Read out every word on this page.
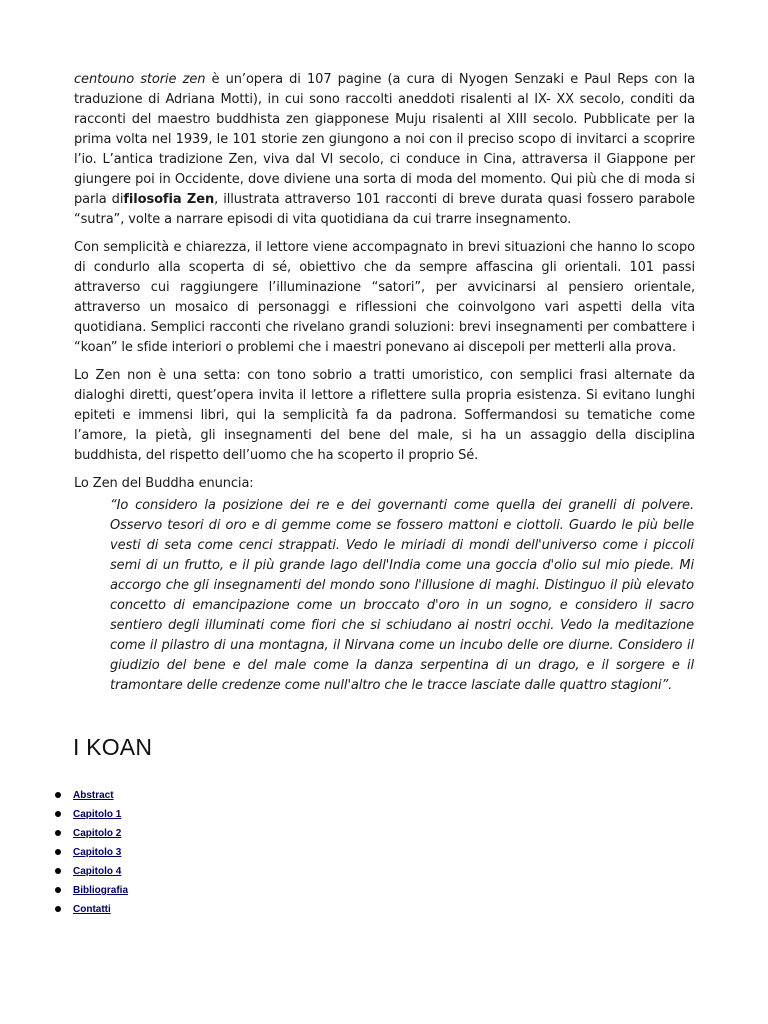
centouno storie zen è un’opera di 107 pagine (a cura di Nyogen Senzaki e Paul Reps con la traduzione di Adriana Motti), in cui sono raccolti aneddoti risalenti al IX- XX secolo, conditi da racconti del maestro buddhista zen giapponese Muju risalenti al XIII secolo. Pubblicate per la prima volta nel 1939, le 101 storie zen giungono a noi con il preciso scopo di invitarci a scoprire l’io. L’antica tradizione Zen, viva dal VI secolo, ci conduce in Cina, attraversa il Giappone per giungere poi in Occidente, dove diviene una sorta di moda del momento. Qui più che di moda si parla difilosofia Zen, illustrata attraverso 101 racconti di breve durata quasi fossero parabole “sutra”, volte a narrare episodi di vita quotidiana da cui trarre insegnamento.

Con semplicità e chiarezza, il lettore viene accompagnato in brevi situazioni che hanno lo scopo di condurlo alla scoperta di sé, obiettivo che da sempre affascina gli orientali. 101 passi attraverso cui raggiungere l’illuminazione “satori”, per avvicinarsi al pensiero orientale, attraverso un mosaico di personaggi e riflessioni che coinvolgono vari aspetti della vita quotidiana. Semplici racconti che rivelano grandi soluzioni: brevi insegnamenti per combattere i “koan” le sfide interiori o problemi che i maestri ponevano ai discepoli per metterli alla prova.

Lo Zen non è una setta: con tono sobrio a tratti umoristico, con semplici frasi alternate da dialoghi diretti, quest’opera invita il lettore a riflettere sulla propria esistenza. Si evitano lunghi epiteti e immensi libri, qui la semplicità fa da padrona. Soffermandosi su tematiche come l’amore, la pietà, gli insegnamenti del bene del male, si ha un assaggio della disciplina buddhista, del rispetto dell’uomo che ha scoperto il proprio Sé.

Lo Zen del Buddha enuncia:

“Io considero la posizione dei re e dei governanti come quella dei granelli di polvere. Osservo tesori di oro e di gemme come se fossero mattoni e ciottoli. Guardo le più belle vesti di seta come cenci strappati. Vedo le miriadi di mondi dell'universo come i piccoli semi di un frutto, e il più grande lago dell'India come una goccia d'olio sul mio piede. Mi accorgo che gli insegnamenti del mondo sono l'illusione di maghi. Distinguo il più elevato concetto di emancipazione come un broccato d'oro in un sogno, e considero il sacro sentiero degli illuminati come fiori che si schiudano ai nostri occhi. Vedo la meditazione come il pilastro di una montagna, il Nirvana come un incubo delle ore diurne. Considero il giudizio del bene e del male come la danza serpentina di un drago, e il sorgere e il tramontare delle credenze come null'altro che le tracce lasciate dalle quattro stagioni”.
I KOAN
Abstract
Capitolo 1
Capitolo 2
Capitolo 3
Capitolo 4
Bibliografia
Contatti
